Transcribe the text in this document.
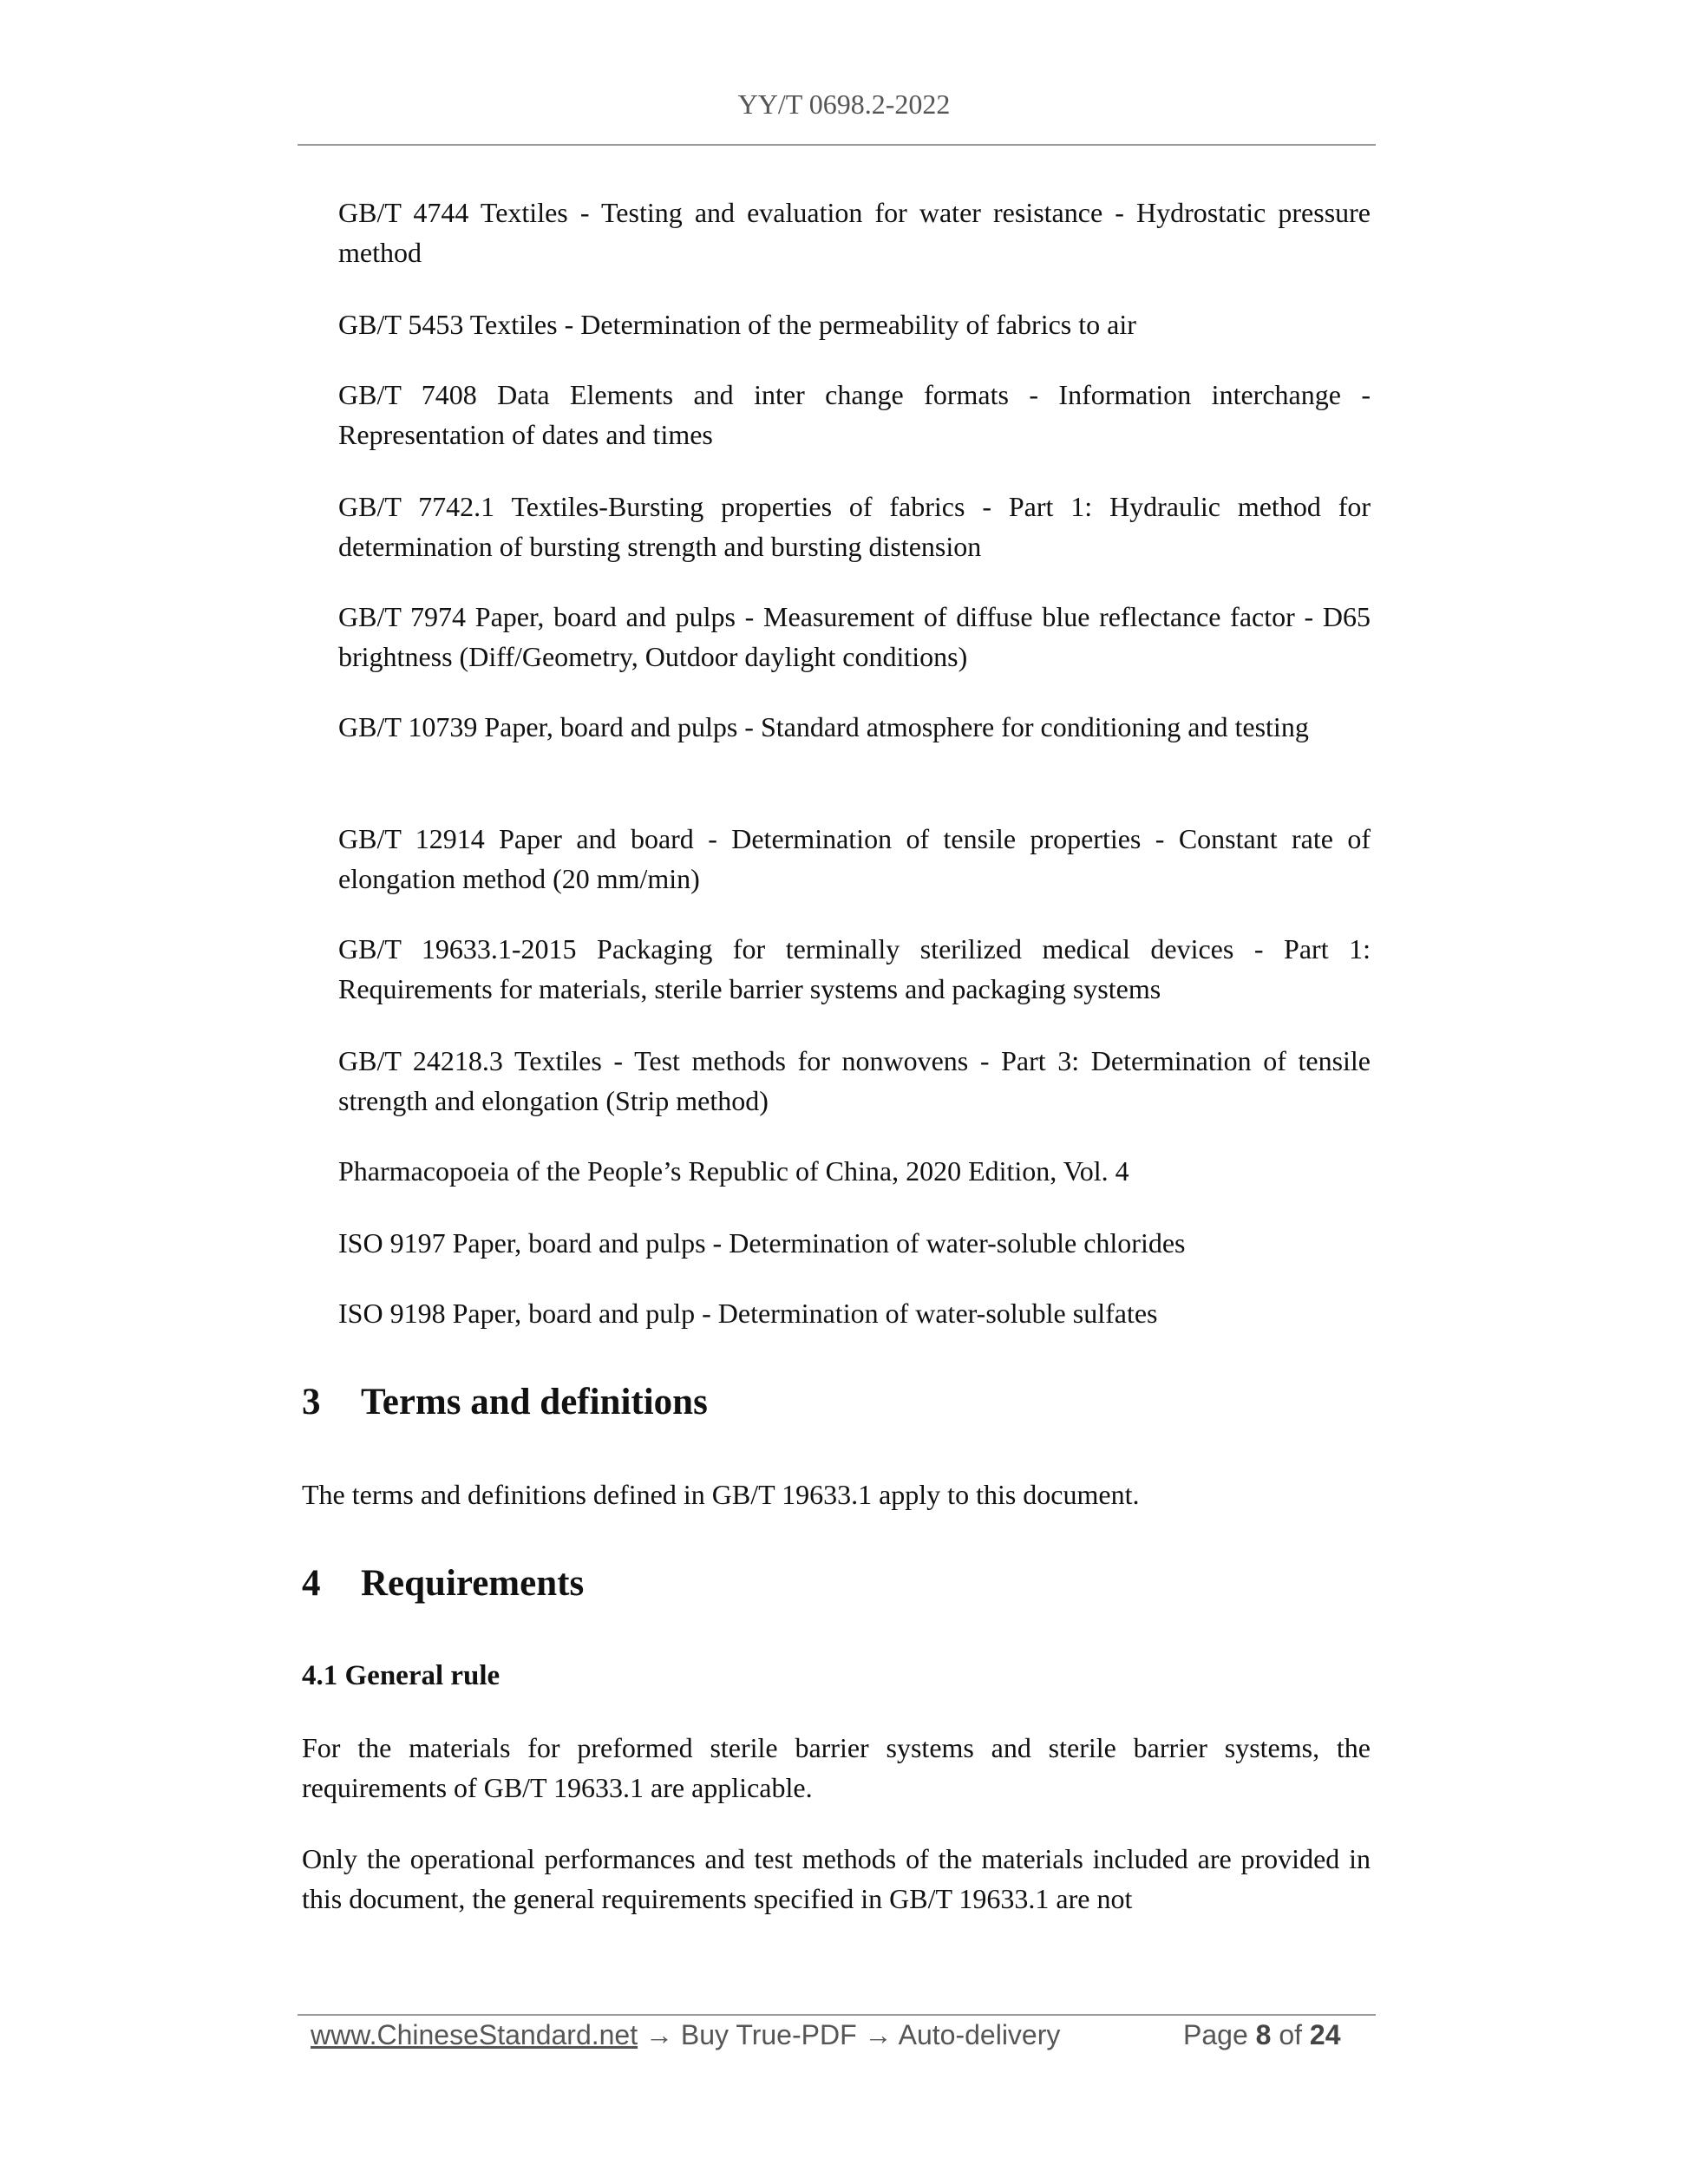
YY/T 0698.2-2022
GB/T 4744 Textiles - Testing and evaluation for water resistance - Hydrostatic pressure method
GB/T 5453 Textiles - Determination of the permeability of fabrics to air
GB/T 7408 Data Elements and inter change formats - Information interchange - Representation of dates and times
GB/T 7742.1 Textiles-Bursting properties of fabrics - Part 1: Hydraulic method for determination of bursting strength and bursting distension
GB/T 7974 Paper, board and pulps - Measurement of diffuse blue reflectance factor - D65 brightness (Diff/Geometry, Outdoor daylight conditions)
GB/T 10739 Paper, board and pulps - Standard atmosphere for conditioning and testing
GB/T 12914 Paper and board - Determination of tensile properties - Constant rate of elongation method (20 mm/min)
GB/T 19633.1-2015 Packaging for terminally sterilized medical devices - Part 1: Requirements for materials, sterile barrier systems and packaging systems
GB/T 24218.3 Textiles - Test methods for nonwovens - Part 3: Determination of tensile strength and elongation (Strip method)
Pharmacopoeia of the People’s Republic of China, 2020 Edition, Vol. 4
ISO 9197 Paper, board and pulps - Determination of water-soluble chlorides
ISO 9198 Paper, board and pulp - Determination of water-soluble sulfates
3 Terms and definitions
The terms and definitions defined in GB/T 19633.1 apply to this document.
4 Requirements
4.1 General rule
For the materials for preformed sterile barrier systems and sterile barrier systems, the requirements of GB/T 19633.1 are applicable.
Only the operational performances and test methods of the materials included are provided in this document, the general requirements specified in GB/T 19633.1 are not
www.ChineseStandard.net → Buy True-PDF → Auto-delivery	Page 8 of 24
